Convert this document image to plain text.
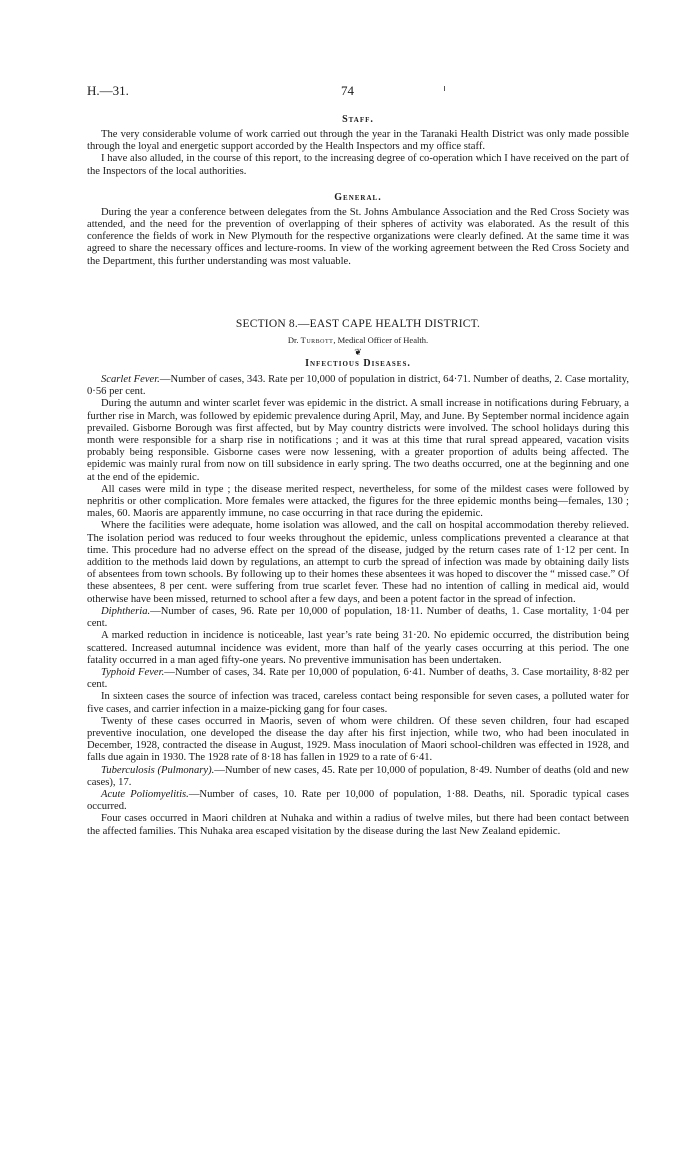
H.—31.	74
Staff.

The very considerable volume of work carried out through the year in the Taranaki Health District was only made possible through the loyal and energetic support accorded by the Health Inspectors and my office staff.

I have also alluded, in the course of this report, to the increasing degree of co-operation which I have received on the part of the Inspectors of the local authorities.

General.

During the year a conference between delegates from the St. Johns Ambulance Association and the Red Cross Society was attended, and the need for the prevention of overlapping of their spheres of activity was elaborated. As the result of this conference the fields of work in New Plymouth for the respective organizations were clearly defined. At the same time it was agreed to share the necessary offices and lecture-rooms. In view of the working agreement between the Red Cross Society and the Department, this further understanding was most valuable.

SECTION 8.—EAST CAPE HEALTH DISTRICT.

Dr. Turbott, Medical Officer of Health.

❦
Infectious Diseases.

Scarlet Fever.—Number of cases, 343. Rate per 10,000 of population in district, 64·71. Number of deaths, 2. Case mortality, 0·56 per cent.

During the autumn and winter scarlet fever was epidemic in the district. A small increase in notifications during February, a further rise in March, was followed by epidemic prevalence during April, May, and June. By September normal incidence again prevailed. Gisborne Borough was first affected, but by May country districts were involved. The school holidays during this month were responsible for a sharp rise in notifications ; and it was at this time that rural spread appeared, vacation visits probably being responsible. Gisborne cases were now lessening, with a greater proportion of adults being affected. The epidemic was mainly rural from now on till subsidence in early spring. The two deaths occurred, one at the beginning and one at the end of the epidemic.

All cases were mild in type ; the disease merited respect, nevertheless, for some of the mildest cases were followed by nephritis or other complication. More females were attacked, the figures for the three epidemic months being—females, 130 ; males, 60. Maoris are apparently immune, no case occurring in that race during the epidemic.

Where the facilities were adequate, home isolation was allowed, and the call on hospital accommodation thereby relieved. The isolation period was reduced to four weeks throughout the epidemic, unless complications prevented a clearance at that time. This procedure had no adverse effect on the spread of the disease, judged by the return cases rate of 1·12 per cent. In addition to the methods laid down by regulations, an attempt to curb the spread of infection was made by obtaining daily lists of absentees from town schools. By following up to their homes these absentees it was hoped to discover the “ missed case.” Of these absentees, 8 per cent. were suffering from true scarlet fever. These had no intention of calling in medical aid, would otherwise have been missed, returned to school after a few days, and been a potent factor in the spread of infection.

Diphtheria.—Number of cases, 96. Rate per 10,000 of population, 18·11. Number of deaths, 1. Case mortality, 1·04 per cent.

A marked reduction in incidence is noticeable, last year’s rate being 31·20. No epidemic occurred, the distribution being scattered. Increased autumnal incidence was evident, more than half of the yearly cases occurring at this period. The one fatality occurred in a man aged fifty-one years. No preventive immunisation has been undertaken.

Typhoid Fever.—Number of cases, 34. Rate per 10,000 of population, 6·41. Number of deaths, 3. Case mortaility, 8·82 per cent.

In sixteen cases the source of infection was traced, careless contact being responsible for seven cases, a polluted water for five cases, and carrier infection in a maize-picking gang for four cases.

Twenty of these cases occurred in Maoris, seven of whom were children. Of these seven children, four had escaped preventive inoculation, one developed the disease the day after his first injection, while two, who had been inoculated in December, 1928, contracted the disease in August, 1929. Mass inoculation of Maori school-children was effected in 1928, and falls due again in 1930. The 1928 rate of 8·18 has fallen in 1929 to a rate of 6·41.

Tuberculosis (Pulmonary).—Number of new cases, 45. Rate per 10,000 of population, 8·49. Number of deaths (old and new cases), 17.

Acute Poliomyelitis.—Number of cases, 10. Rate per 10,000 of population, 1·88. Deaths, nil. Sporadic typical cases occurred.

Four cases occurred in Maori children at Nuhaka and within a radius of twelve miles, but there had been contact between the affected families. This Nuhaka area escaped visitation by the disease during the last New Zealand epidemic.
